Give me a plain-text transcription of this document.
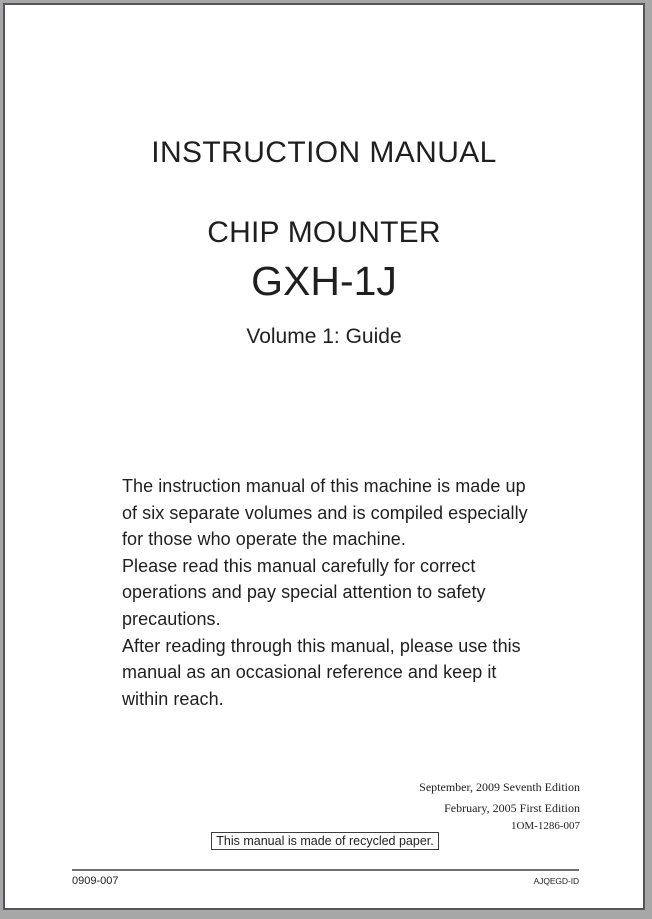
INSTRUCTION MANUAL
CHIP MOUNTER
GXH-1J
Volume 1: Guide
The instruction manual of this machine is made up
of six separate volumes and is compiled especially
for those who operate the machine.
Please read this manual carefully for correct
operations and pay special attention to safety
precautions.
After reading through this manual, please use this
manual as an occasional reference and keep it
within reach.
September, 2009 Seventh Edition
February, 2005 First Edition
1OM-1286-007
This manual is made of recycled paper.
0909-007	AJQEGD-ID
